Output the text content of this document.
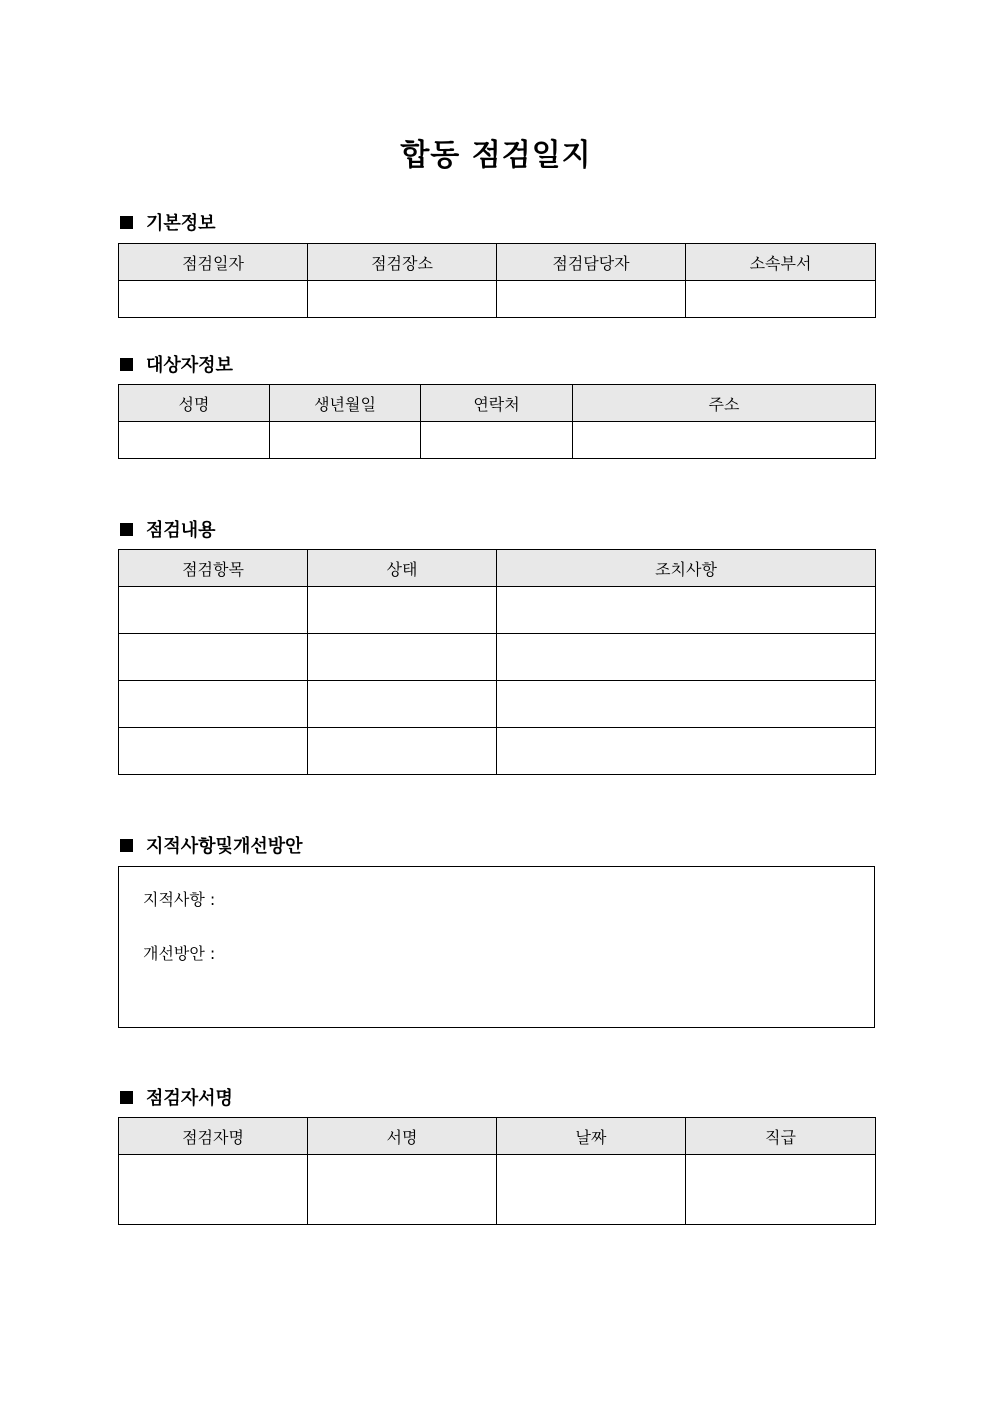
합동 점검일지
기본정보
점검일자	점검장소	점검담당자	소속부서

대상자정보
성명	생년월일	연락처	주소

점검내용
점검항목	상태	조치사항

지적사항및개선방안
지적사항 :
개선방안 :
점검자서명
점검자명	서명	날짜	직급
